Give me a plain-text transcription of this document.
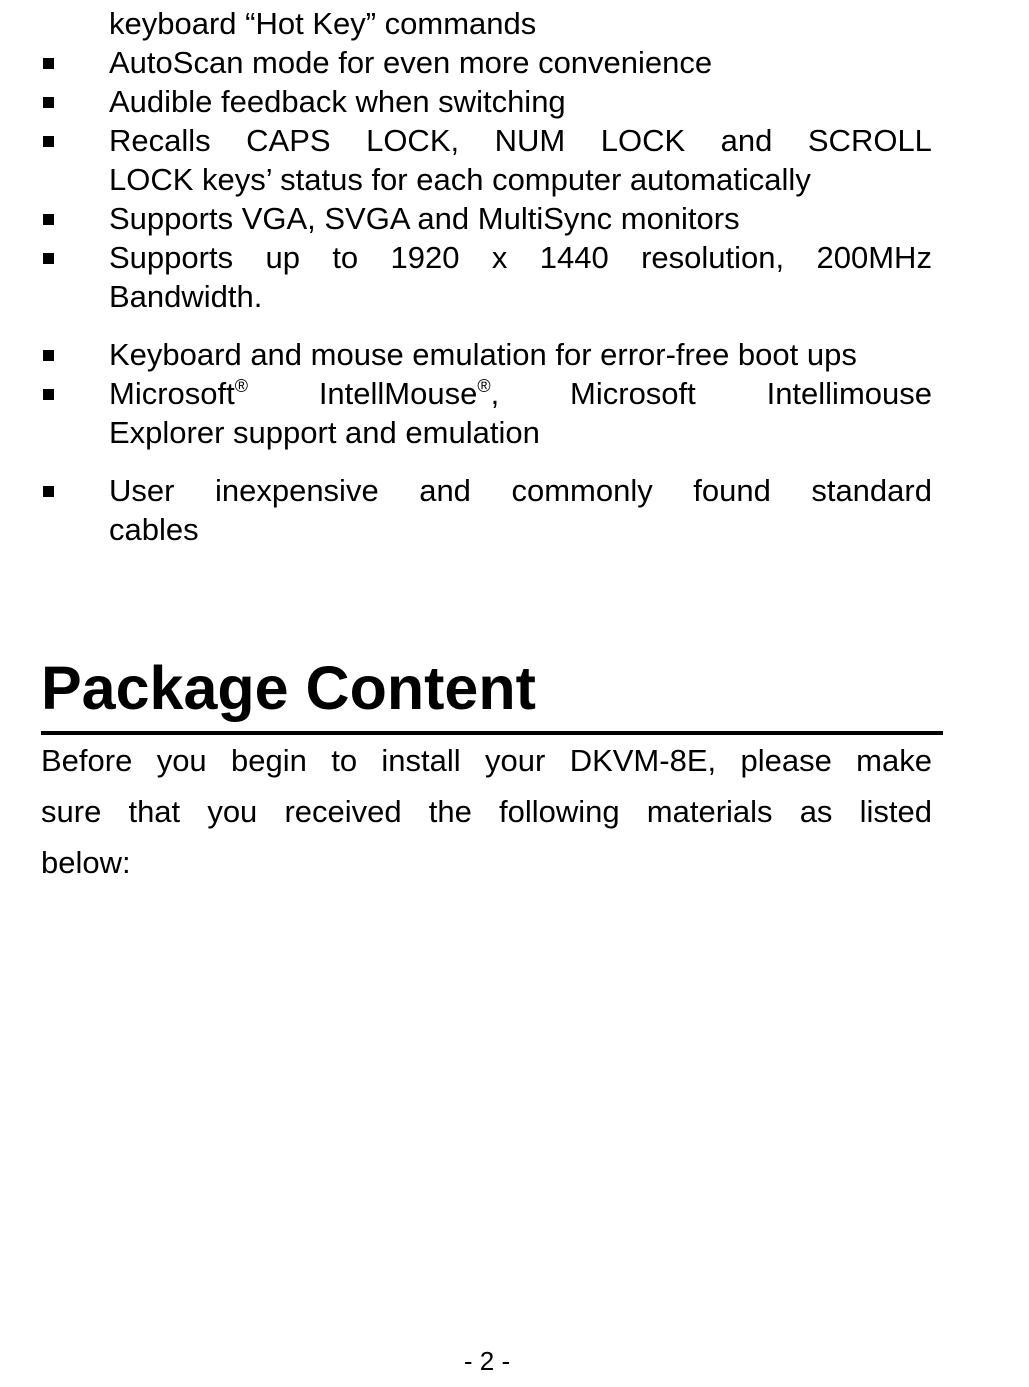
keyboard “Hot Key” commands
AutoScan mode for even more convenience
Audible feedback when switching
Recalls CAPS LOCK, NUM LOCK and SCROLL
LOCK keys’ status for each computer automatically
Supports VGA, SVGA and MultiSync monitors
Supports up to 1920 x 1440 resolution, 200MHz
Bandwidth.
Keyboard and mouse emulation for error-free boot ups
Microsoft® IntellMouse®, Microsoft Intellimouse
Explorer support and emulation
User inexpensive and commonly found standard
cables
Package Content
Before you begin to install your DKVM-8E, please make
sure that you received the following materials as listed
below:
- 2 -
